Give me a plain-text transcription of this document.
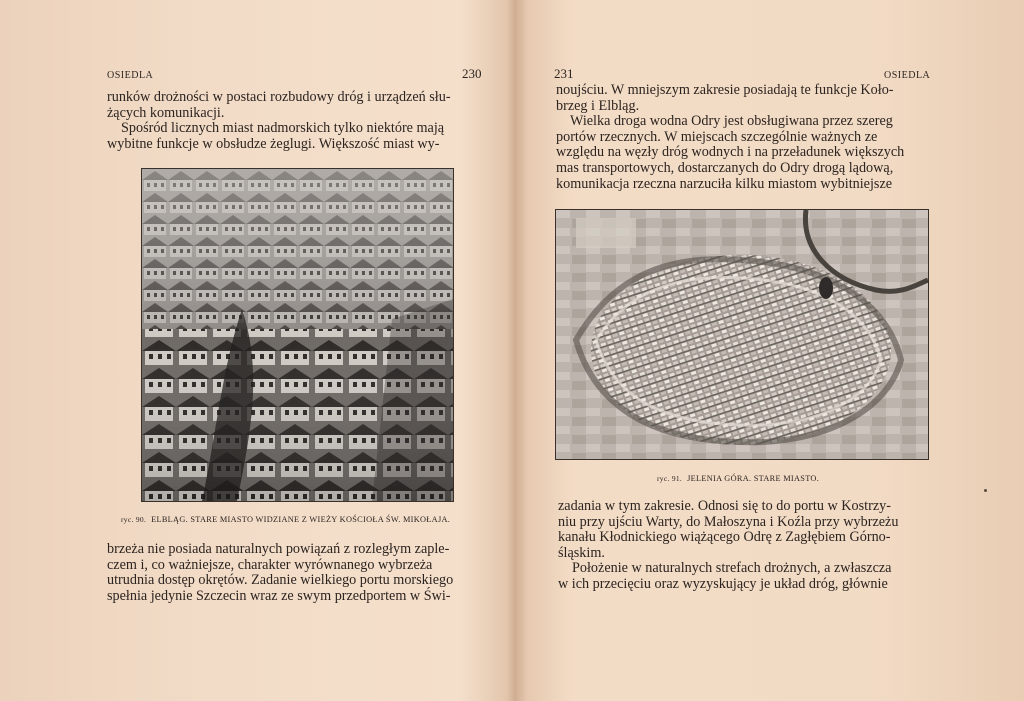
OSIEDLA	230

runków drożności w postaci rozbudowy dróg i urządzeń słu-
żących komunikacji.

Spośród licznych miast nadmorskich tylko niektóre mają
wybitne funkcje w obsłudze żeglugi. Większość miast wy-

ryc. 90. ELBLĄG. STARE MIASTO WIDZIANE Z WIEŻY KOŚCIOŁA ŚW. MIKOŁAJA.

brzeża nie posiada naturalnych powiązań z rozległym zaple-
czem i, co ważniejsze, charakter wyrównanego wybrzeża
utrudnia dostęp okrętów. Zadanie wielkiego portu morskiego
spełnia jedynie Szczecin wraz ze swym przedportem w Świ-

231	OSIEDLA

noujściu. W mniejszym zakresie posiadają te funkcje Koło-
brzeg i Elbląg.

Wielka droga wodna Odry jest obsługiwana przez szereg
portów rzecznych. W miejscach szczególnie ważnych ze
względu na węzły dróg wodnych i na przeładunek większych
mas transportowych, dostarczanych do Odry drogą lądową,
komunikacja rzeczna narzuciła kilku miastom wybitniejsze

ryc. 91. JELENIA GÓRA. STARE MIASTO.

zadania w tym zakresie. Odnosi się to do portu w Kostrzy-
niu przy ujściu Warty, do Małoszyna i Koźla przy wybrzeżu
kanału Kłodnickiego wiążącego Odrę z Zagłębiem Górno-
śląskim.

Położenie w naturalnych strefach drożnych, a zwłaszcza
w ich przecięciu oraz wyzyskujący je układ dróg, głównie
